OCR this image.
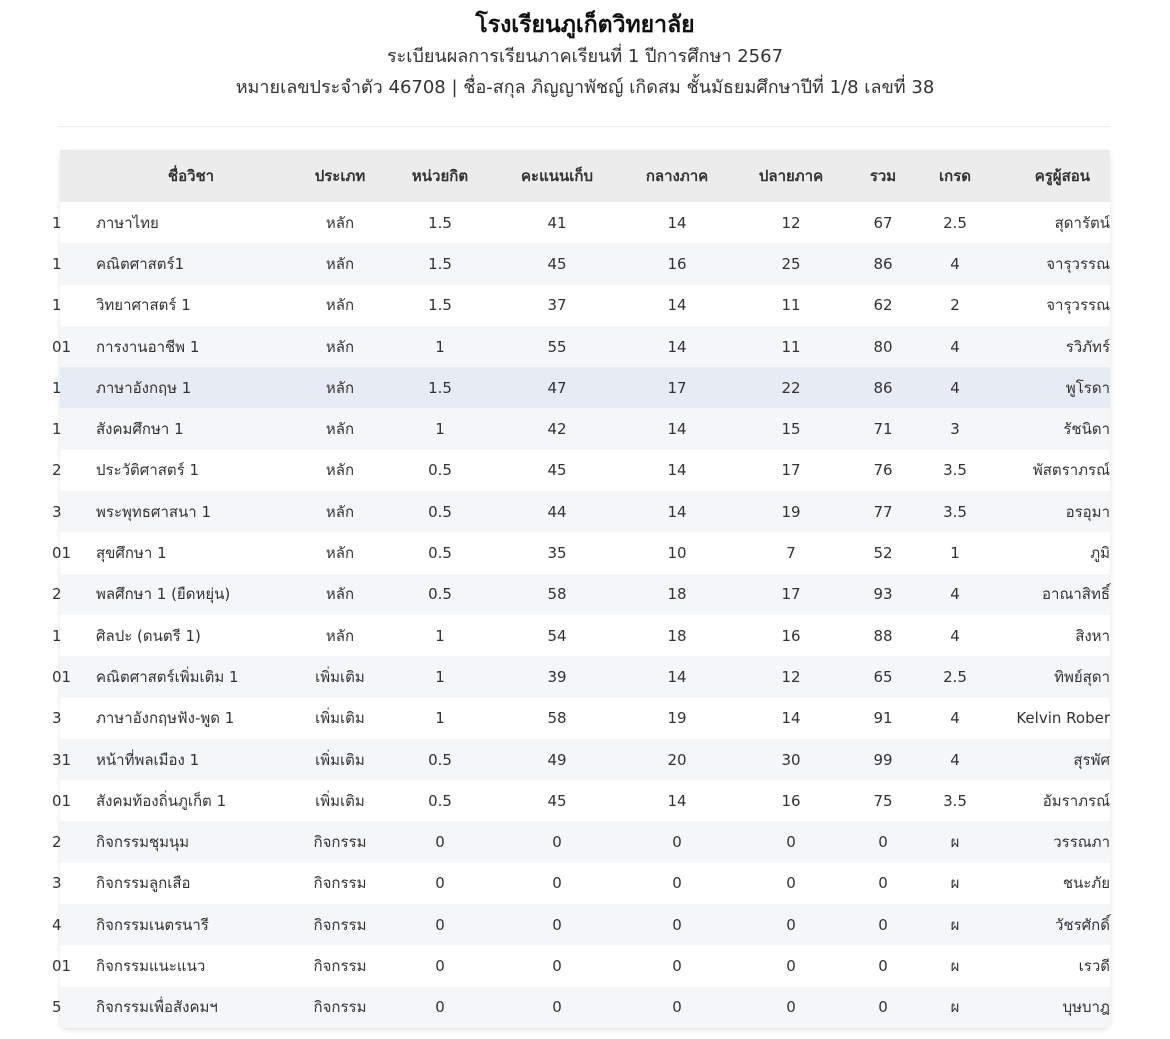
โรงเรียนภูเก็ตวิทยาลัย
ระเบียนผลการเรียนภาคเรียนที่ 1 ปีการศึกษา 2567
หมายเลขประจำตัว 46708 | ชื่อ-สกุล ภิญญาพัชญ์ เกิดสม ชั้นมัธยมศึกษาปีที่ 1/8 เลขที่ 38
	ชื่อวิชา	ประเภท	หน่วยกิต	คะแนนเก็บ	กลางภาค	ปลายภาค	รวม	เกรด	ครูผู้สอน
1	ภาษาไทย	หลัก	1.5	41	14	12	67	2.5	สุดารัตน์
1	คณิตศาสตร์1	หลัก	1.5	45	16	25	86	4	จารุวรรณ
1	วิทยาศาสตร์ 1	หลัก	1.5	37	14	11	62	2	จารุวรรณ
01	การงานอาชีพ 1	หลัก	1	55	14	11	80	4	รวิภัทร์
1	ภาษาอังกฤษ 1	หลัก	1.5	47	17	22	86	4	พูโรดา
1	สังคมศึกษา 1	หลัก	1	42	14	15	71	3	รัชนิดา
2	ประวัติศาสตร์ 1	หลัก	0.5	45	14	17	76	3.5	พัสตราภรณ์
3	พระพุทธศาสนา 1	หลัก	0.5	44	14	19	77	3.5	อรอุมา
01	สุขศึกษา 1	หลัก	0.5	35	10	7	52	1	ภูมิ
2	พลศึกษา 1 (ยืดหยุ่น)	หลัก	0.5	58	18	17	93	4	อาณาสิทธิ์
1	ศิลปะ (ดนตรี 1)	หลัก	1	54	18	16	88	4	สิงหา
01	คณิตศาสตร์เพิ่มเติม 1	เพิ่มเติม	1	39	14	12	65	2.5	ทิพย์สุดา
3	ภาษาอังกฤษฟัง-พูด 1	เพิ่มเติม	1	58	19	14	91	4	Kelvin Rober
31	หน้าที่พลเมือง 1	เพิ่มเติม	0.5	49	20	30	99	4	สุรพัศ
01	สังคมท้องถิ่นภูเก็ต 1	เพิ่มเติม	0.5	45	14	16	75	3.5	อัมราภรณ์
2	กิจกรรมชุมนุม	กิจกรรม	0	0	0	0	0	ผ	วรรณภา
3	กิจกรรมลูกเสือ	กิจกรรม	0	0	0	0	0	ผ	ชนะภัย
4	กิจกรรมเนตรนารี	กิจกรรม	0	0	0	0	0	ผ	วัชรศักดิ์
01	กิจกรรมแนะแนว	กิจกรรม	0	0	0	0	0	ผ	เรวดี
5	กิจกรรมเพื่อสังคมฯ	กิจกรรม	0	0	0	0	0	ผ	บุษบาฎ
